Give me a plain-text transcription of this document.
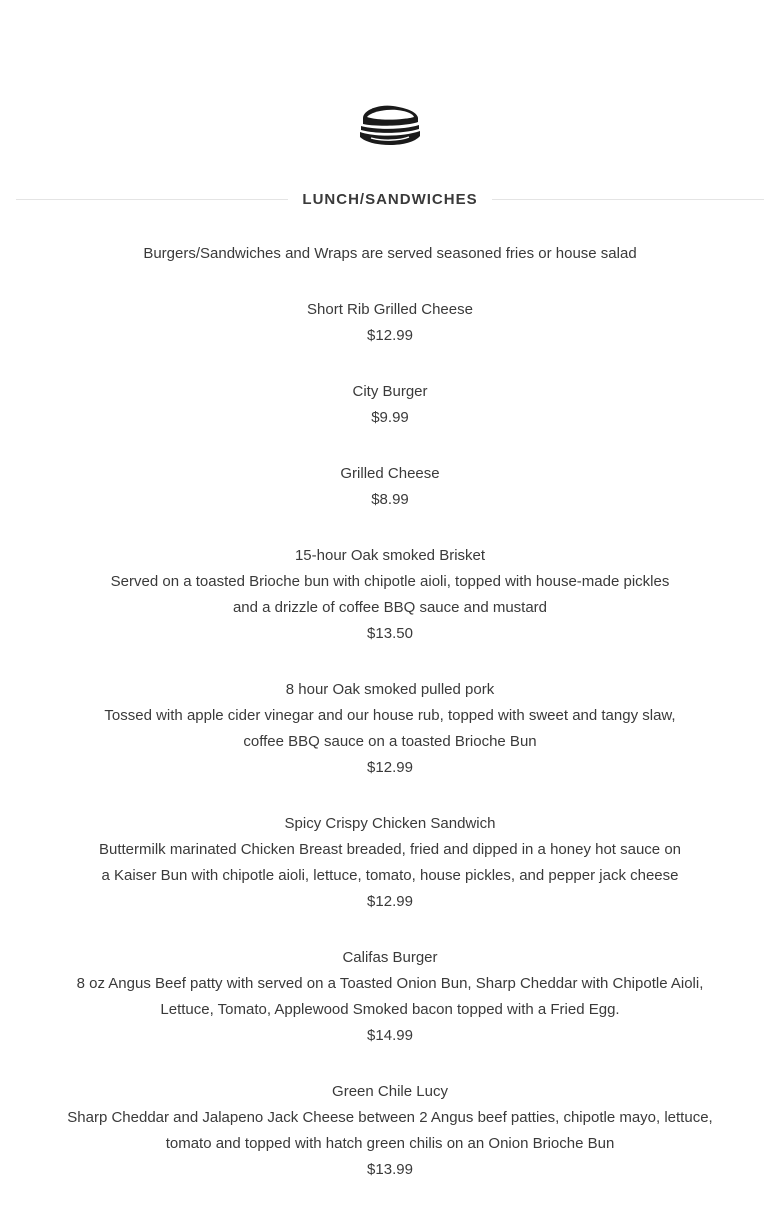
LUNCH/SANDWICHES
Burgers/Sandwiches and Wraps are served seasoned fries or house salad
Short Rib Grilled Cheese
$12.99
City Burger
$9.99
Grilled Cheese
$8.99
15-hour Oak smoked Brisket
Served on a toasted Brioche bun with chipotle aioli, topped with house-made pickles
and a drizzle of coffee BBQ sauce and mustard
$13.50
8 hour Oak smoked pulled pork
Tossed with apple cider vinegar and our house rub, topped with sweet and tangy slaw,
coffee BBQ sauce on a toasted Brioche Bun
$12.99
Spicy Crispy Chicken Sandwich
Buttermilk marinated Chicken Breast breaded, fried and dipped in a honey hot sauce on
a Kaiser Bun with chipotle aioli, lettuce, tomato, house pickles, and pepper jack cheese
$12.99
Califas Burger
8 oz Angus Beef patty with served on a Toasted Onion Bun, Sharp Cheddar with Chipotle Aioli,
Lettuce, Tomato, Applewood Smoked bacon topped with a Fried Egg.
$14.99
Green Chile Lucy
Sharp Cheddar and Jalapeno Jack Cheese between 2 Angus beef patties, chipotle mayo, lettuce,
tomato and topped with hatch green chilis on an Onion Brioche Bun
$13.99
